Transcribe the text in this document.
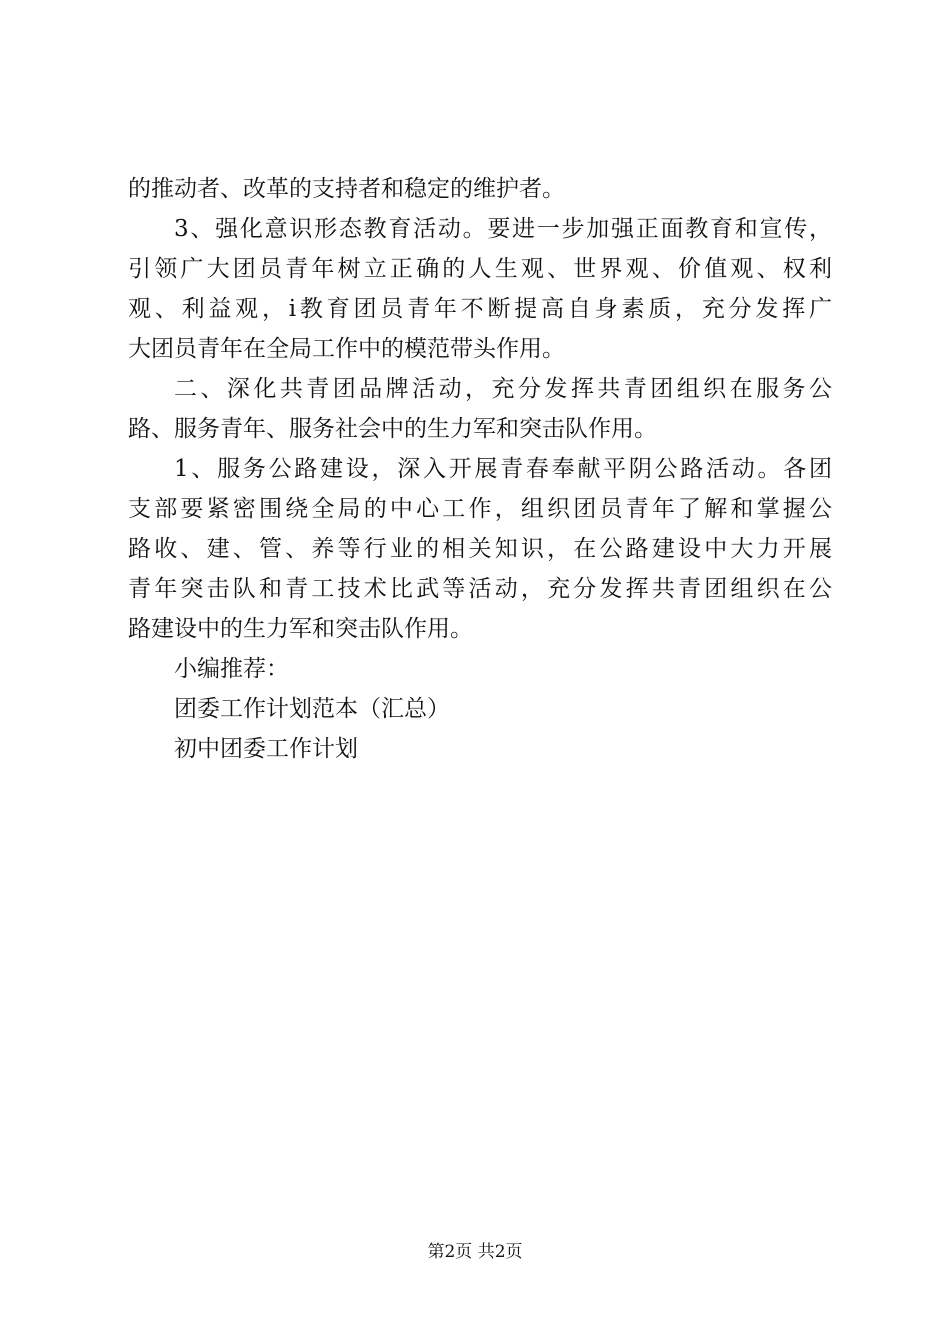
的推动者、改革的支持者和稳定的维护者。
3、强化意识形态教育活动。要进一步加强正面教育和宣传，
引领广大团员青年树立正确的人生观、世界观、价值观、权利
观、利益观，i教育团员青年不断提高自身素质，充分发挥广
大团员青年在全局工作中的模范带头作用。
二、深化共青团品牌活动，充分发挥共青团组织在服务公
路、服务青年、服务社会中的生力军和突击队作用。
1、服务公路建设，深入开展青春奉献平阴公路活动。各团
支部要紧密围绕全局的中心工作，组织团员青年了解和掌握公
路收、建、管、养等行业的相关知识，在公路建设中大力开展
青年突击队和青工技术比武等活动，充分发挥共青团组织在公
路建设中的生力军和突击队作用。
小编推荐：
团委工作计划范本（汇总）
初中团委工作计划
第2页 共2页
